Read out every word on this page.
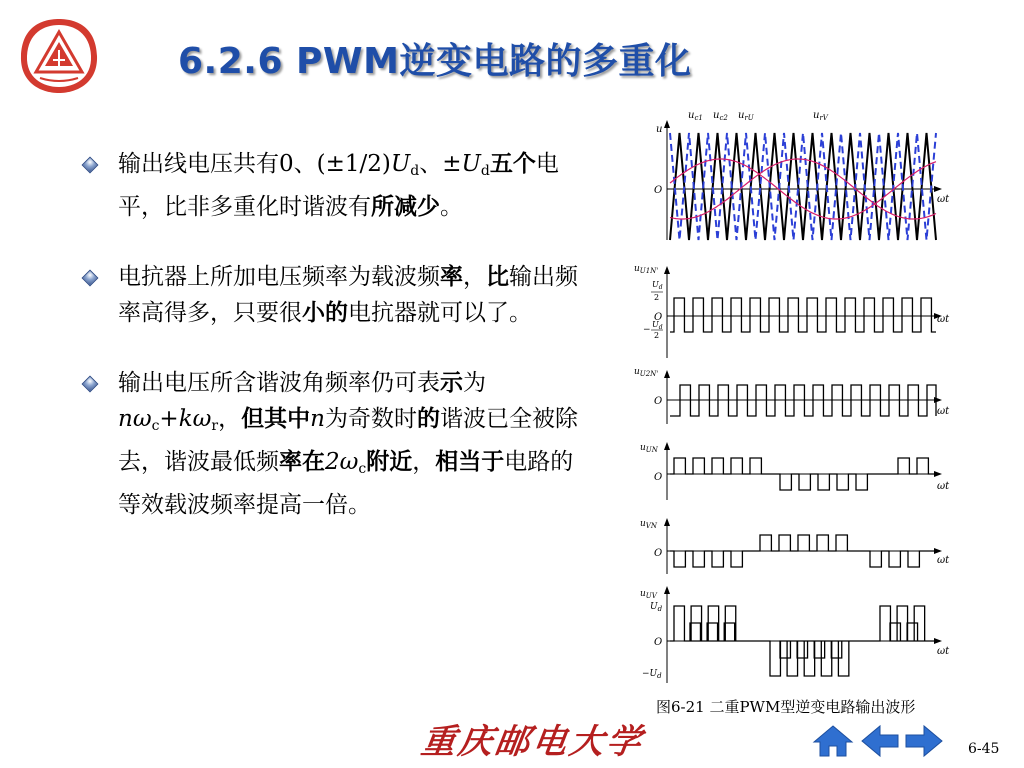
6.2.6 PWM逆变电路的多重化
输出线电压共有0、$(\pm 1/2)U_d$、$\pm U_d$五个电平，比非多重化时谐波有所减少。
电抗器上所加电压频率为载波频率，比输出频率高得多，只要很小的电抗器就可以了。
输出电压所含谐波角频率仍可表示为$n\omega_c+k\omega_r$，但其中n为奇数时的谐波已全被除去，谐波最低频率在$2\omega_c$附近，相当于电路的等效载波频率提高一倍。
u
$u_{c1}$ $u_{c2}$ $u_{rU}$	$u_{rV}$
O
ωt
$u_{U1N'}$
$U_d$
2
O
−
$U_d$
2
ωt
$u_{U2N'}$
O
ωt
$u_{UN}$
O
ωt
$u_{VN}$
O
ωt
$u_{UV}$
$U_d$
O
$-U_d$
ωt
图6-21 二重PWM型逆变电路输出波形
重庆邮电大学	6-45
